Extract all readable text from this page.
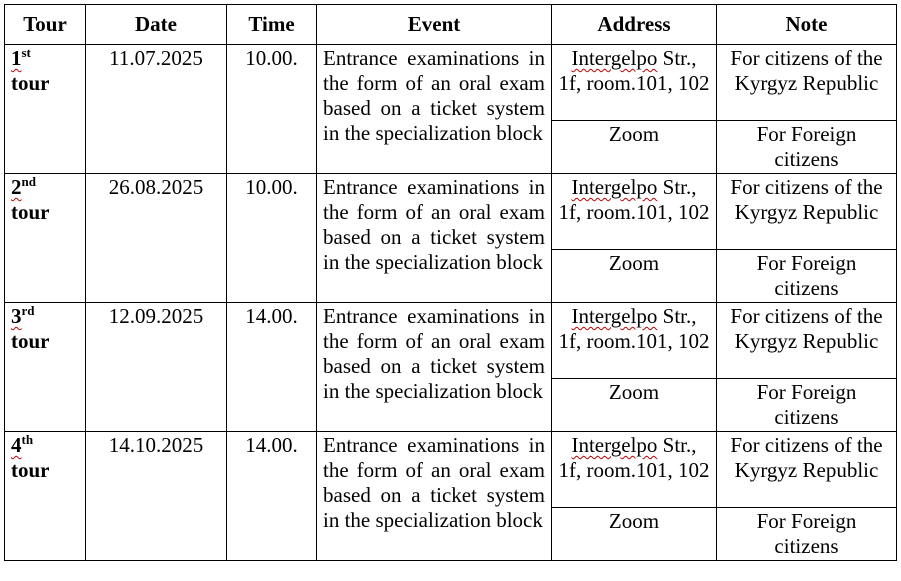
Tour	Date	Time	Event	Address	Note
1st
tour	11.07.2025	10.00.	Entrance examinations in the form of an oral exam based on a ticket system in the specialization block	Intergelpo Str., 1f, room.101, 102	For citizens of the Kyrgyz Republic
				Zoom	For Foreign citizens
2nd
tour	26.08.2025	10.00.	Entrance examinations in the form of an oral exam based on a ticket system in the specialization block	Intergelpo Str., 1f, room.101, 102	For citizens of the Kyrgyz Republic
				Zoom	For Foreign citizens
3rd
tour	12.09.2025	14.00.	Entrance examinations in the form of an oral exam based on a ticket system in the specialization block	Intergelpo Str., 1f, room.101, 102	For citizens of the Kyrgyz Republic
				Zoom	For Foreign citizens
4th
tour	14.10.2025	14.00.	Entrance examinations in the form of an oral exam based on a ticket system in the specialization block	Intergelpo Str., 1f, room.101, 102	For citizens of the Kyrgyz Republic
				Zoom	For Foreign citizens
